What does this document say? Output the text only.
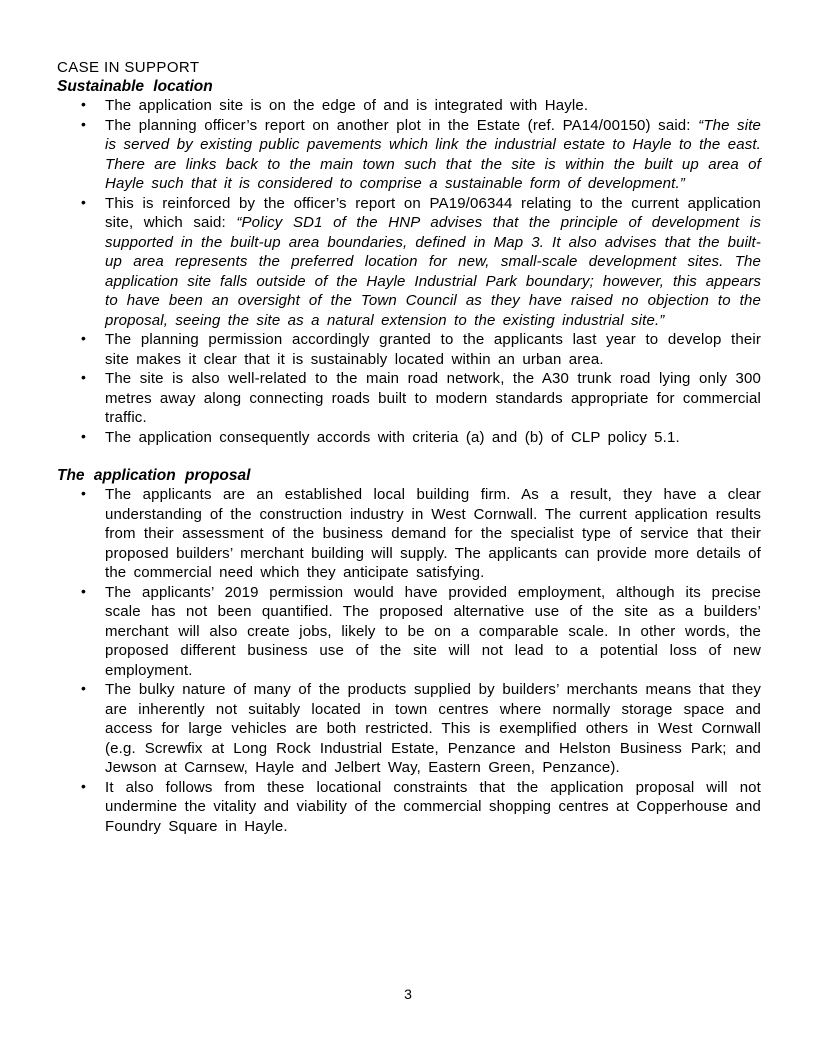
CASE IN SUPPORT
Sustainable location
• The application site is on the edge of and is integrated with Hayle.
• The planning officer’s report on another plot in the Estate (ref. PA14/00150) said: “The site is served by existing public pavements which link the industrial estate to Hayle to the east. There are links back to the main town such that the site is within the built up area of Hayle such that it is considered to comprise a sustainable form of development.”
• This is reinforced by the officer’s report on PA19/06344 relating to the current application site, which said: “Policy SD1 of the HNP advises that the principle of development is supported in the built-up area boundaries, defined in Map 3. It also advises that the built-up area represents the preferred location for new, small-scale development sites. The application site falls outside of the Hayle Industrial Park boundary; however, this appears to have been an oversight of the Town Council as they have raised no objection to the proposal, seeing the site as a natural extension to the existing industrial site.”
• The planning permission accordingly granted to the applicants last year to develop their site makes it clear that it is sustainably located within an urban area.
• The site is also well-related to the main road network, the A30 trunk road lying only 300 metres away along connecting roads built to modern standards appropriate for commercial traffic.
• The application consequently accords with criteria (a) and (b) of CLP policy 5.1.
The application proposal
• The applicants are an established local building firm. As a result, they have a clear understanding of the construction industry in West Cornwall. The current application results from their assessment of the business demand for the specialist type of service that their proposed builders’ merchant building will supply. The applicants can provide more details of the commercial need which they anticipate satisfying.
• The applicants’ 2019 permission would have provided employment, although its precise scale has not been quantified. The proposed alternative use of the site as a builders’ merchant will also create jobs, likely to be on a comparable scale. In other words, the proposed different business use of the site will not lead to a potential loss of new employment.
• The bulky nature of many of the products supplied by builders’ merchants means that they are inherently not suitably located in town centres where normally storage space and access for large vehicles are both restricted. This is exemplified others in West Cornwall (e.g. Screwfix at Long Rock Industrial Estate, Penzance and Helston Business Park; and Jewson at Carnsew, Hayle and Jelbert Way, Eastern Green, Penzance).
• It also follows from these locational constraints that the application proposal will not undermine the vitality and viability of the commercial shopping centres at Copperhouse and Foundry Square in Hayle.
3
